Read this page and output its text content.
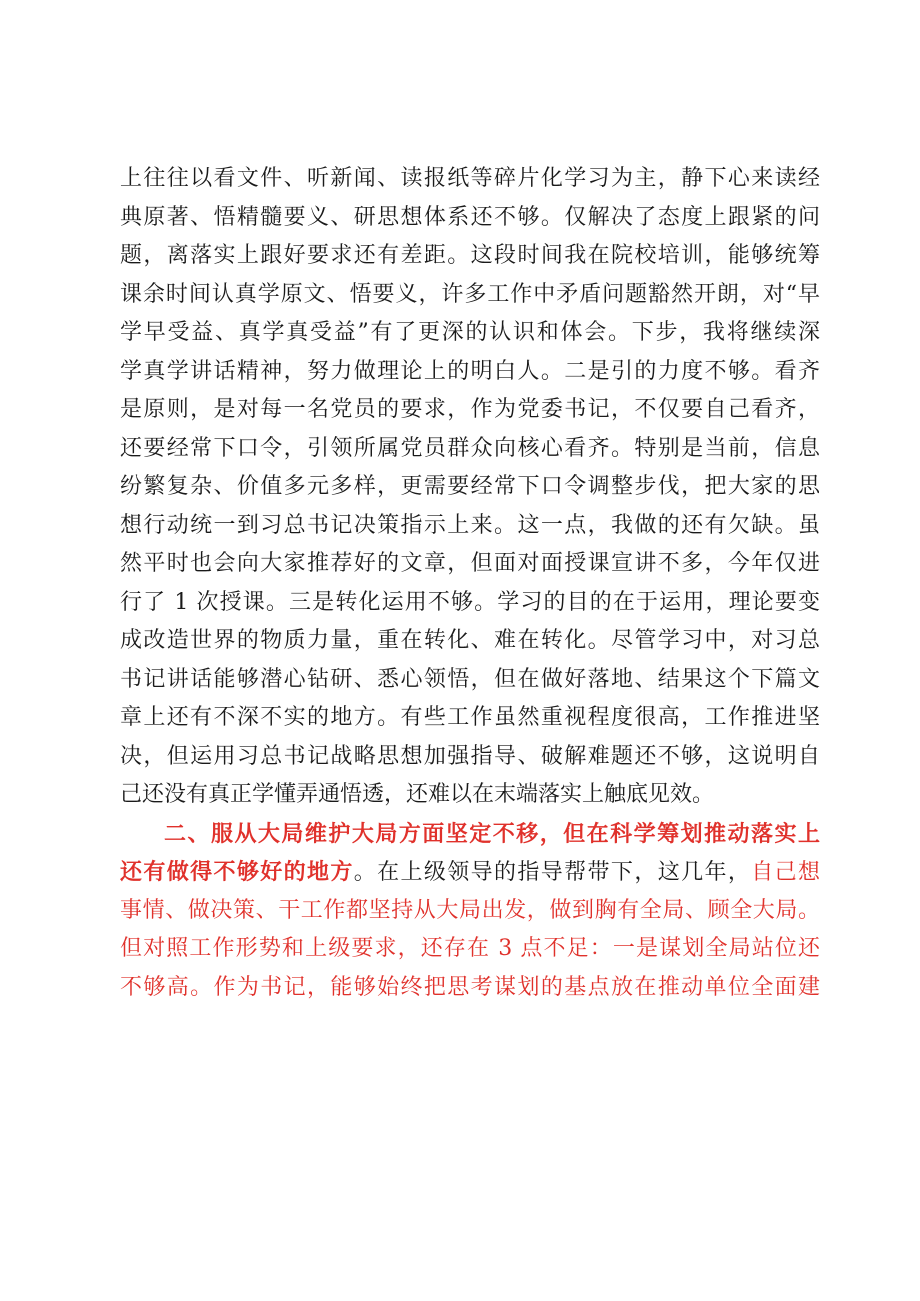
上往往以看文件、听新闻、读报纸等碎片化学习为主，静下心来读经
典原著、悟精髓要义、研思想体系还不够。仅解决了态度上跟紧的问
题，离落实上跟好要求还有差距。这段时间我在院校培训，能够统筹
课余时间认真学原文、悟要义，许多工作中矛盾问题豁然开朗，对“早
学早受益、真学真受益”有了更深的认识和体会。下步，我将继续深
学真学讲话精神，努力做理论上的明白人。二是引的力度不够。看齐
是原则，是对每一名党员的要求，作为党委书记，不仅要自己看齐，
还要经常下口令，引领所属党员群众向核心看齐。特别是当前，信息
纷繁复杂、价值多元多样，更需要经常下口令调整步伐，把大家的思
想行动统一到习总书记决策指示上来。这一点，我做的还有欠缺。虽
然平时也会向大家推荐好的文章，但面对面授课宣讲不多，今年仅进
行了 1 次授课。三是转化运用不够。学习的目的在于运用，理论要变
成改造世界的物质力量，重在转化、难在转化。尽管学习中，对习总
书记讲话能够潜心钻研、悉心领悟，但在做好落地、结果这个下篇文
章上还有不深不实的地方。有些工作虽然重视程度很高，工作推进坚
决，但运用习总书记战略思想加强指导、破解难题还不够，这说明自
己还没有真正学懂弄通悟透，还难以在末端落实上触底见效。
二、服从大局维护大局方面坚定不移，但在科学筹划推动落实上
还有做得不够好的地方。在上级领导的指导帮带下，这几年，自己想
事情、做决策、干工作都坚持从大局出发，做到胸有全局、顾全大局。
但对照工作形势和上级要求，还存在 3 点不足：一是谋划全局站位还
不够高。作为书记，能够始终把思考谋划的基点放在推动单位全面建
